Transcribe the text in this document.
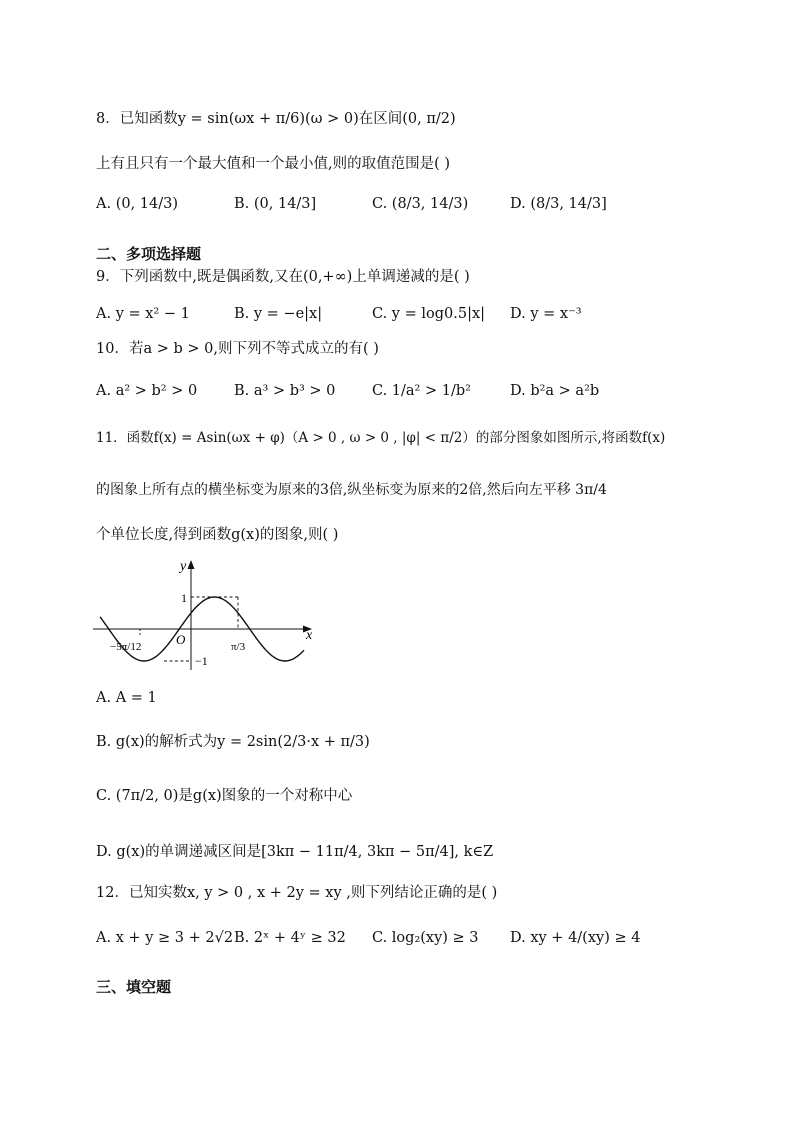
8．已知函数y = sin(ωx + π/6)(ω > 0)在区间(0, π/2)
上有且只有一个最大值和一个最小值,则的取值范围是( )
A. (0, 14/3)	B. (0, 14/3]	C. (8/3, 14/3)	D. (8/3, 14/3]
二、多项选择题
9．下列函数中,既是偶函数,又在(0,+∞)上单调递减的是( )
A. y = x² − 1	B. y = −e|x|	C. y = log0.5|x| D. y = x⁻³
10．若a > b > 0,则下列不等式成立的有( )
A. a² > b² > 0	B. a³ > b³ > 0	C. 1/a² > 1/b²	D. b²a > a²b
11．函数f(x) = Asin(ωx + φ)（A > 0 , ω > 0 , |φ| < π/2）的部分图象如图所示,将函数f(x)
的图象上所有点的横坐标变为原来的3倍,纵坐标变为原来的2倍,然后向左平移 3π/4
个单位长度,得到函数g(x)的图象,则( )
y
x
O
1
−1
−5π/12	π/3
A. A = 1
B. g(x)的解析式为y = 2sin(2/3·x + π/3)
C. (7π/2, 0)是g(x)图象的一个对称中心
D. g(x)的单调递减区间是[3kπ − 11π/4, 3kπ − 5π/4], k∈Z
12．已知实数x, y > 0 , x + 2y = xy ,则下列结论正确的是( )
A. x + y ≥ 3 + 2√2 B. 2ˣ + 4ʸ ≥ 32 C. log₂(xy) ≥ 3 D. xy + 4/(xy) ≥ 4
三、填空题
